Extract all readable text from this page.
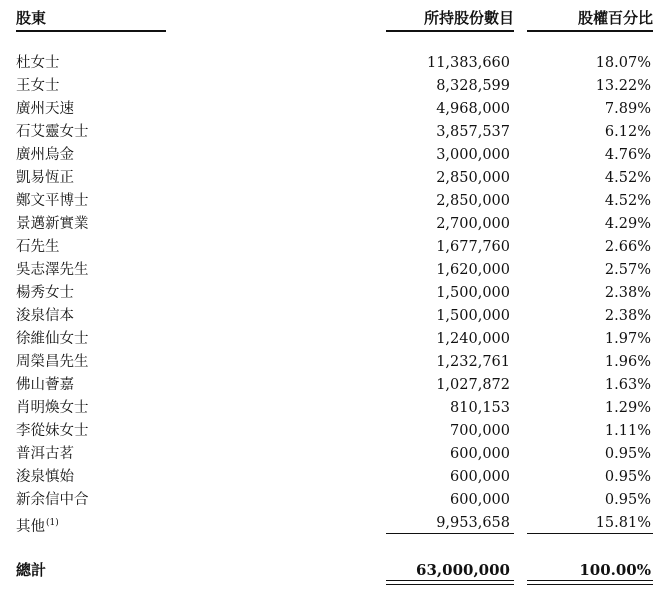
股東	所持股份數目	股權百分比
杜女士	11,383,660	18.07%
王女士	8,328,599	13.22%
廣州天速	4,968,000	7.89%
石艾靈女士	3,857,537	6.12%
廣州烏金	3,000,000	4.76%
凱易恆正	2,850,000	4.52%
鄭文平博士	2,850,000	4.52%
景邁新實業	2,700,000	4.29%
石先生	1,677,760	2.66%
吳志澤先生	1,620,000	2.57%
楊秀女士	1,500,000	2.38%
浚泉信本	1,500,000	2.38%
徐維仙女士	1,240,000	1.97%
周榮昌先生	1,232,761	1.96%
佛山薈嘉	1,027,872	1.63%
肖明煥女士	810,153	1.29%
李從妹女士	700,000	1.11%
普洱古茗	600,000	0.95%
浚泉慎始	600,000	0.95%
新余信中合	600,000	0.95%
其他$^{(1)}$	9,953,658	15.81%
總計	63,000,000	100.00%
